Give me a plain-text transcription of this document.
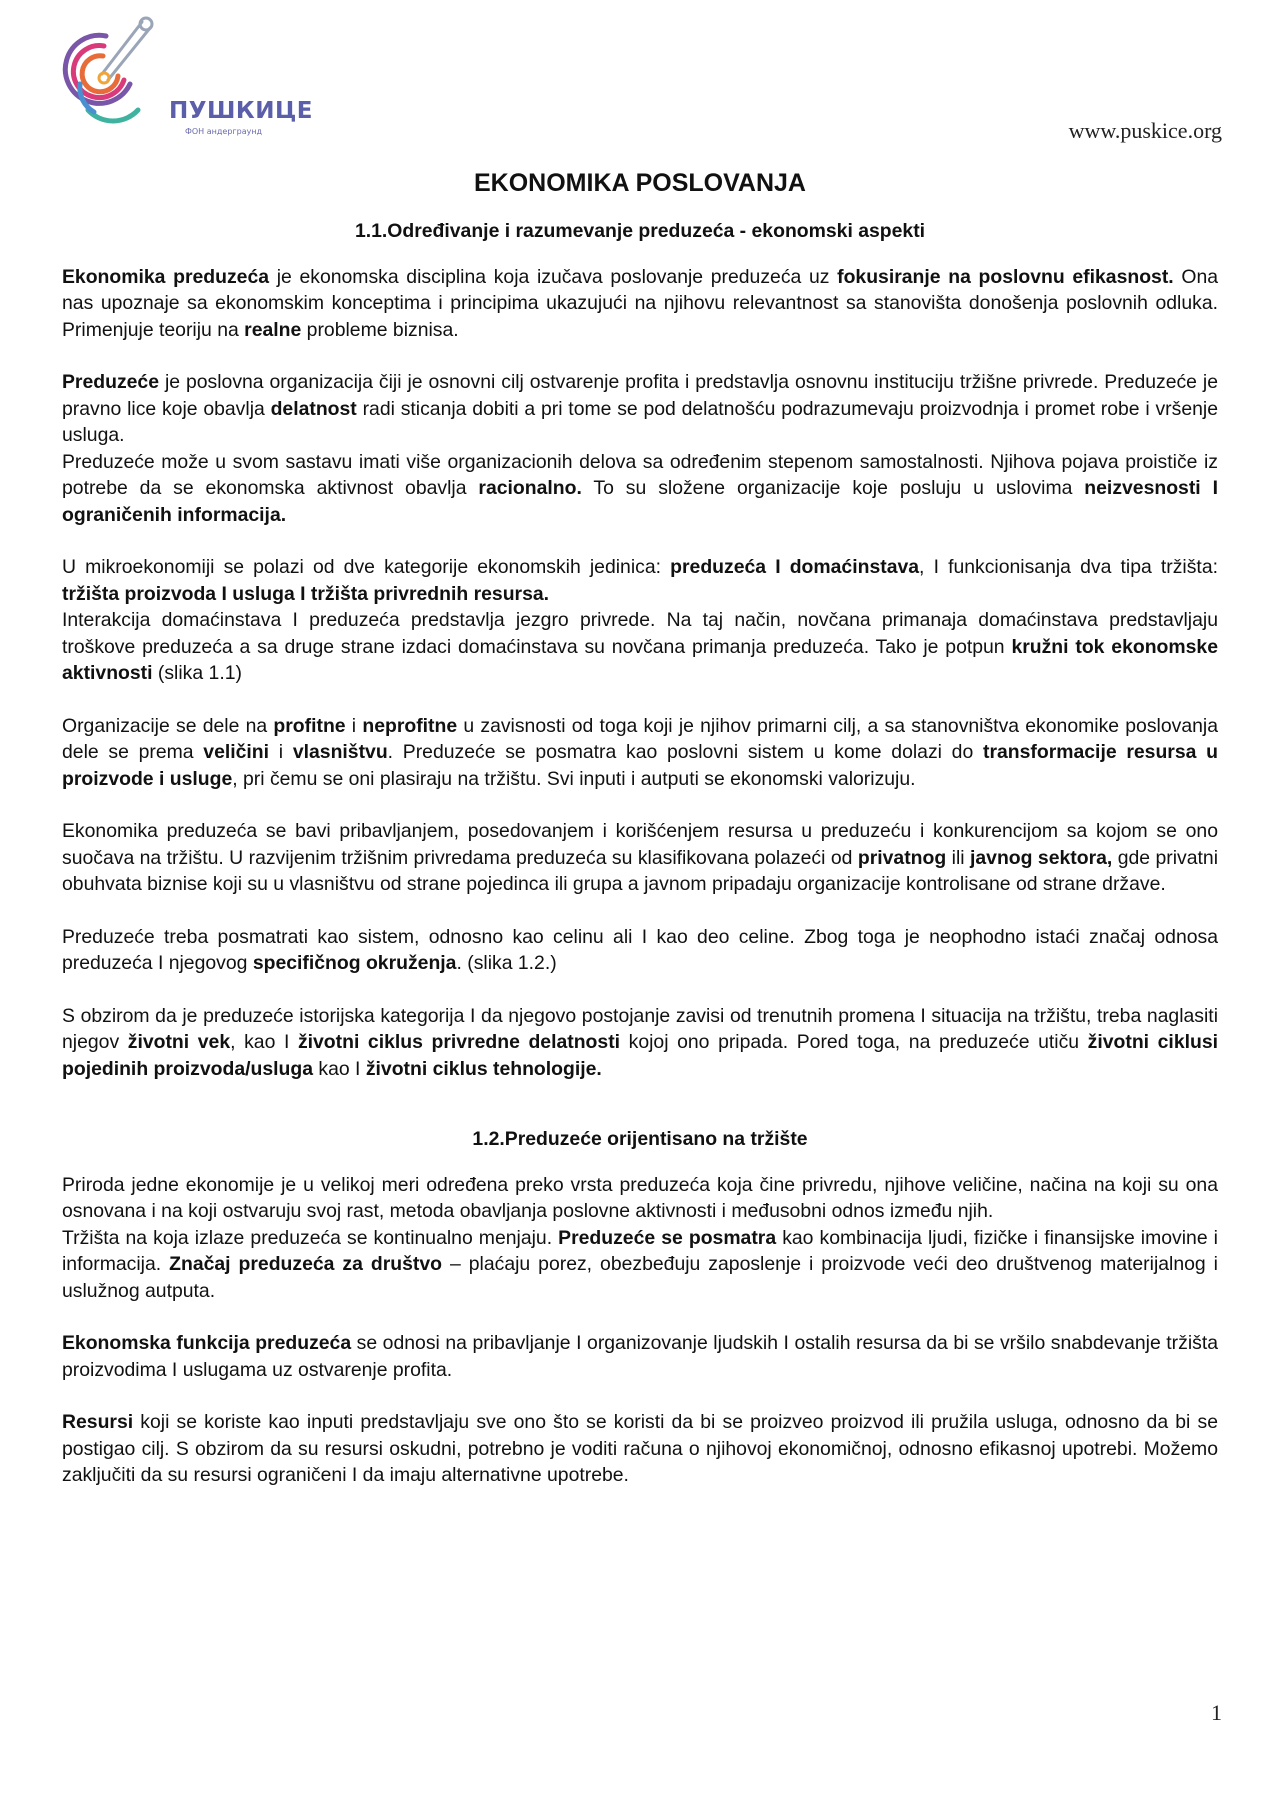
ПУШКИЦЕ
ФОН андерграунд	www.puskice.org
EKONOMIKA POSLOVANJA
1.1.Određivanje i razumevanje preduzeća - ekonomski aspekti
Ekonomika preduzeća je ekonomska disciplina koja izučava poslovanje preduzeća uz fokusiranje na poslovnu efikasnost. Ona nas upoznaje sa ekonomskim konceptima i principima ukazujući na njihovu relevantnost sa stanovišta donošenja poslovnih odluka. Primenjuje teoriju na realne probleme biznisa.
Preduzeće je poslovna organizacija čiji je osnovni cilj ostvarenje profita i predstavlja osnovnu instituciju tržišne privrede. Preduzeće je pravno lice koje obavlja delatnost radi sticanja dobiti a pri tome se pod delatnošću podrazumevaju proizvodnja i promet robe i vršenje usluga.
Preduzeće može u svom sastavu imati više organizacionih delova sa određenim stepenom samostalnosti. Njihova pojava proističe iz potrebe da se ekonomska aktivnost obavlja racionalno. To su složene organizacije koje posluju u uslovima neizvesnosti I ograničenih informacija.
U mikroekonomiji se polazi od dve kategorije ekonomskih jedinica: preduzeća I domaćinstava, I funkcionisanja dva tipa tržišta: tržišta proizvoda I usluga I tržišta privrednih resursa.
Interakcija domaćinstava I preduzeća predstavlja jezgro privrede. Na taj način, novčana primanaja domaćinstava predstavljaju troškove preduzeća a sa druge strane izdaci domaćinstava su novčana primanja preduzeća. Tako je potpun kružni tok ekonomske aktivnosti (slika 1.1)
Organizacije se dele na profitne i neprofitne u zavisnosti od toga koji je njihov primarni cilj, a sa stanovništva ekonomike poslovanja dele se prema veličini i vlasništvu. Preduzeće se posmatra kao poslovni sistem u kome dolazi do transformacije resursa u proizvode i usluge, pri čemu se oni plasiraju na tržištu. Svi inputi i autputi se ekonomski valorizuju.
Ekonomika preduzeća se bavi pribavljanjem, posedovanjem i korišćenjem resursa u preduzeću i konkurencijom sa kojom se ono suočava na tržištu. U razvijenim tržišnim privredama preduzeća su klasifikovana polazeći od privatnog ili javnog sektora, gde privatni obuhvata biznise koji su u vlasništvu od strane pojedinca ili grupa a javnom pripadaju organizacije kontrolisane od strane države.
Preduzeće treba posmatrati kao sistem, odnosno kao celinu ali I kao deo celine. Zbog toga je neophodno istaći značaj odnosa preduzeća I njegovog specifičnog okruženja. (slika 1.2.)
S obzirom da je preduzeće istorijska kategorija I da njegovo postojanje zavisi od trenutnih promena I situacija na tržištu, treba naglasiti njegov životni vek, kao I životni ciklus privredne delatnosti kojoj ono pripada. Pored toga, na preduzeće utiču životni ciklusi pojedinih proizvoda/usluga kao I životni ciklus tehnologije.
1.2.Preduzeće orijentisano na tržište
Priroda jedne ekonomije je u velikoj meri određena preko vrsta preduzeća koja čine privredu, njihove veličine, načina na koji su ona osnovana i na koji ostvaruju svoj rast, metoda obavljanja poslovne aktivnosti i međusobni odnos između njih.
Tržišta na koja izlaze preduzeća se kontinualno menjaju. Preduzeće se posmatra kao kombinacija ljudi, fizičke i finansijske imovine i informacija. Značaj preduzeća za društvo – plaćaju porez, obezbeđuju zaposlenje i proizvode veći deo društvenog materijalnog i uslužnog autputa.
Ekonomska funkcija preduzeća se odnosi na pribavljanje I organizovanje ljudskih I ostalih resursa da bi se vršilo snabdevanje tržišta proizvodima I uslugama uz ostvarenje profita.
Resursi koji se koriste kao inputi predstavljaju sve ono što se koristi da bi se proizveo proizvod ili pružila usluga, odnosno da bi se postigao cilj. S obzirom da su resursi oskudni, potrebno je voditi računa o njihovoj ekonomičnoj, odnosno efikasnoj upotrebi. Možemo zaključiti da su resursi ograničeni I da imaju alternativne upotrebe.
1
